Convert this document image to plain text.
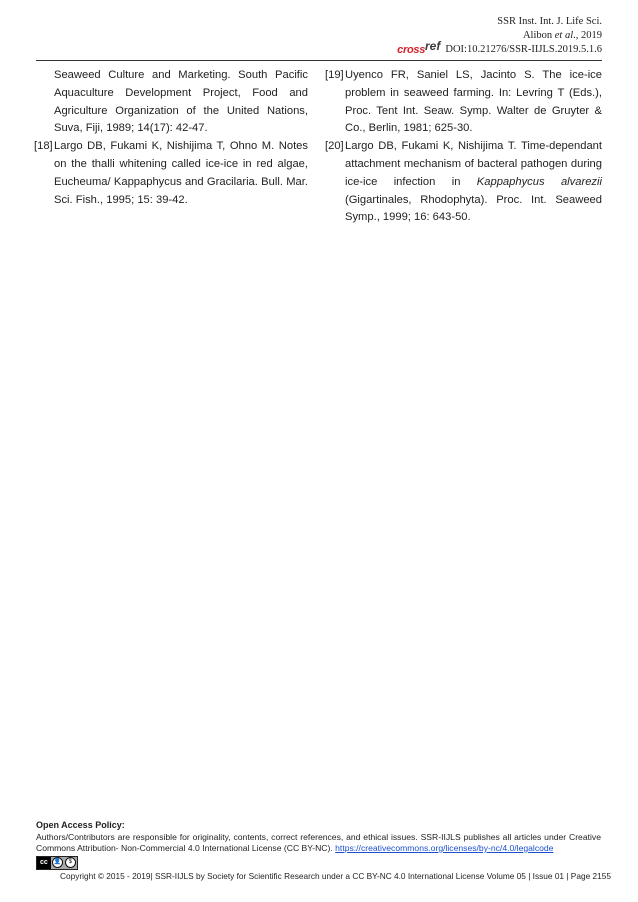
SSR Inst. Int. J. Life Sci.
Alibon et al., 2019
cross ref DOI:10.21276/SSR-IIJLS.2019.5.1.6

Seaweed Culture and Marketing. South Pacific Aquaculture Development Project, Food and Agriculture Organization of the United Nations, Suva, Fiji, 1989; 14(17): 42-47.

[18] Largo DB, Fukami K, Nishijima T, Ohno M. Notes on the thalli whitening called ice-ice in red algae, Eucheuma/ Kappaphycus and Gracilaria. Bull. Mar. Sci. Fish., 1995; 15: 39-42.

[19] Uyenco FR, Saniel LS, Jacinto S. The ice-ice problem in seaweed farming. In: Levring T (Eds.), Proc. Tent Int. Seaw. Symp. Walter de Gruyter & Co., Berlin, 1981; 625-30.

[20] Largo DB, Fukami K, Nishijima T. Time-dependant attachment mechanism of bacteral pathogen during ice-ice infection in Kappaphycus alvarezii (Gigartinales, Rhodophyta). Proc. Int. Seaweed Symp., 1999; 16: 643-50.

Open Access Policy:
Authors/Contributors are responsible for originality, contents, correct references, and ethical issues. SSR-IIJLS publishes all articles under Creative Commons Attribution- Non-Commercial 4.0 International License (CC BY-NC). https://creativecommons.org/licenses/by-nc/4.0/legalcode
cc 👤	$
Copyright © 2015 - 2019| SSR-IIJLS by Society for Scientific Research under a CC BY-NC 4.0 International License Volume 05 | Issue 01 | Page 2155
